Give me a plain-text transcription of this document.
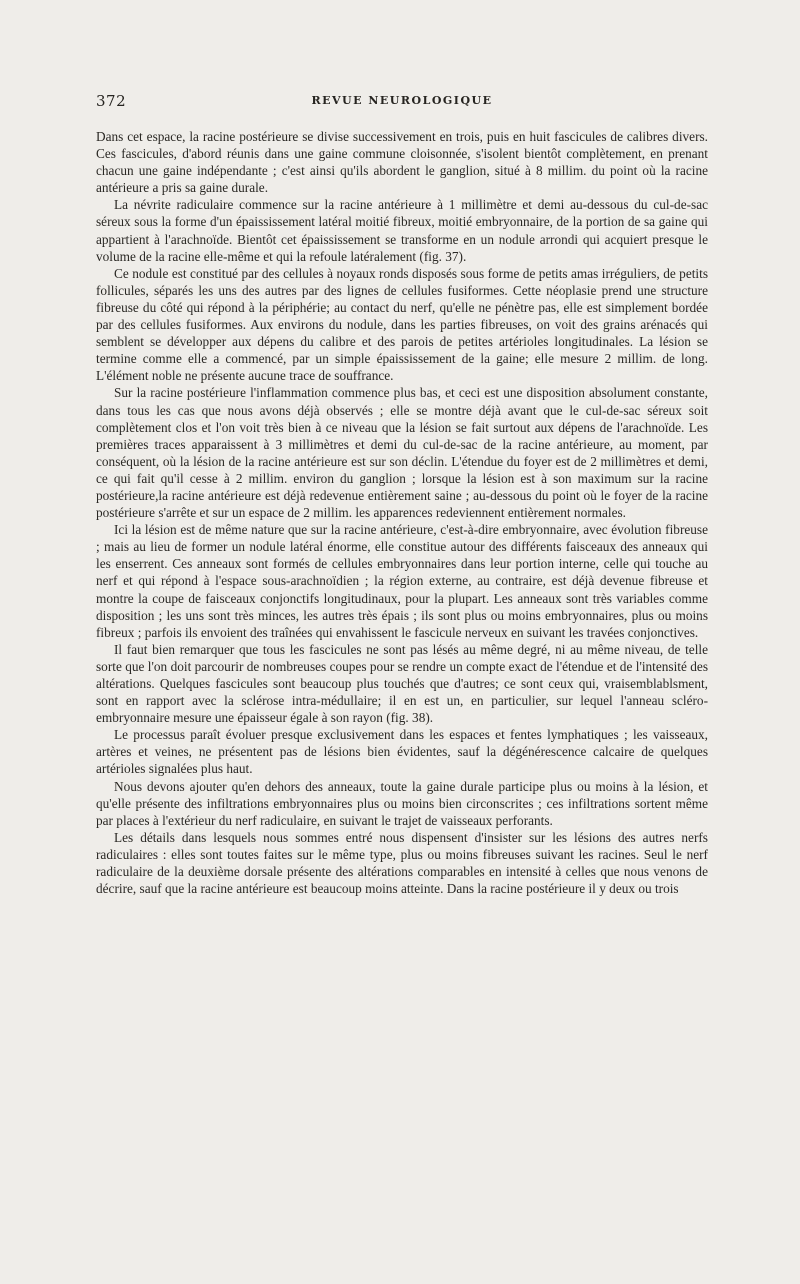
372	REVUE NEUROLOGIQUE

Dans cet espace, la racine postérieure se divise successivement en trois, puis en huit fascicules de calibres divers. Ces fascicules, d'abord réunis dans une gaine commune cloisonnée, s'isolent bientôt complètement, en prenant chacun une gaine indépendante ; c'est ainsi qu'ils abordent le ganglion, situé à 8 millim. du point où la racine antérieure a pris sa gaine durale.

La névrite radiculaire commence sur la racine antérieure à 1 millimètre et demi au-dessous du cul-de-sac séreux sous la forme d'un épaississement latéral moitié fibreux, moitié embryonnaire, de la portion de sa gaine qui appartient à l'arachnoïde. Bientôt cet épaississement se transforme en un nodule arrondi qui acquiert presque le volume de la racine elle-même et qui la refoule latéralement (fig. 37).

Ce nodule est constitué par des cellules à noyaux ronds disposés sous forme de petits amas irréguliers, de petits follicules, séparés les uns des autres par des lignes de cellules fusiformes. Cette néoplasie prend une structure fibreuse du côté qui répond à la périphérie; au contact du nerf, qu'elle ne pénètre pas, elle est simplement bordée par des cellules fusiformes. Aux environs du nodule, dans les parties fibreuses, on voit des grains arénacés qui semblent se développer aux dépens du calibre et des parois de petites artérioles longitudinales. La lésion se termine comme elle a commencé, par un simple épaississement de la gaine; elle mesure 2 millim. de long. L'élément noble ne présente aucune trace de souffrance.

Sur la racine postérieure l'inflammation commence plus bas, et ceci est une disposition absolument constante, dans tous les cas que nous avons déjà observés ; elle se montre déjà avant que le cul-de-sac séreux soit complètement clos et l'on voit très bien à ce niveau que la lésion se fait surtout aux dépens de l'arachnoïde. Les premières traces apparaissent à 3 millimètres et demi du cul-de-sac de la racine antérieure, au moment, par conséquent, où la lésion de la racine antérieure est sur son déclin. L'étendue du foyer est de 2 millimètres et demi, ce qui fait qu'il cesse à 2 millim. environ du ganglion ; lorsque la lésion est à son maximum sur la racine postérieure,la racine antérieure est déjà redevenue entièrement saine ; au-dessous du point où le foyer de la racine postérieure s'arrête et sur un espace de 2 millim. les apparences redeviennent entièrement normales.

Ici la lésion est de même nature que sur la racine antérieure, c'est-à-dire embryonnaire, avec évolution fibreuse ; mais au lieu de former un nodule latéral énorme, elle constitue autour des différents faisceaux des anneaux qui les enserrent. Ces anneaux sont formés de cellules embryonnaires dans leur portion interne, celle qui touche au nerf et qui répond à l'espace sous-arachnoïdien ; la région externe, au contraire, est déjà devenue fibreuse et montre la coupe de faisceaux conjonctifs longitudinaux, pour la plupart. Les anneaux sont très variables comme disposition ; les uns sont très minces, les autres très épais ; ils sont plus ou moins embryonnaires, plus ou moins fibreux ; parfois ils envoient des traînées qui envahissent le fascicule nerveux en suivant les travées conjonctives.

Il faut bien remarquer que tous les fascicules ne sont pas lésés au même degré, ni au même niveau, de telle sorte que l'on doit parcourir de nombreuses coupes pour se rendre un compte exact de l'étendue et de l'intensité des altérations. Quelques fascicules sont beaucoup plus touchés que d'autres; ce sont ceux qui, vraisemblablsment, sont en rapport avec la sclérose intra-médullaire; il en est un, en particulier, sur lequel l'anneau scléro-embryonnaire mesure une épaisseur égale à son rayon (fig. 38).

Le processus paraît évoluer presque exclusivement dans les espaces et fentes lymphatiques ; les vaisseaux, artères et veines, ne présentent pas de lésions bien évidentes, sauf la dégénérescence calcaire de quelques artérioles signalées plus haut.

Nous devons ajouter qu'en dehors des anneaux, toute la gaine durale participe plus ou moins à la lésion, et qu'elle présente des infiltrations embryonnaires plus ou moins bien circonscrites ; ces infiltrations sortent même par places à l'extérieur du nerf radiculaire, en suivant le trajet de vaisseaux perforants.

Les détails dans lesquels nous sommes entré nous dispensent d'insister sur les lésions des autres nerfs radiculaires : elles sont toutes faites sur le même type, plus ou moins fibreuses suivant les racines. Seul le nerf radiculaire de la deuxième dorsale présente des altérations comparables en intensité à celles que nous venons de décrire, sauf que la racine antérieure est beaucoup moins atteinte. Dans la racine postérieure il y deux ou trois
